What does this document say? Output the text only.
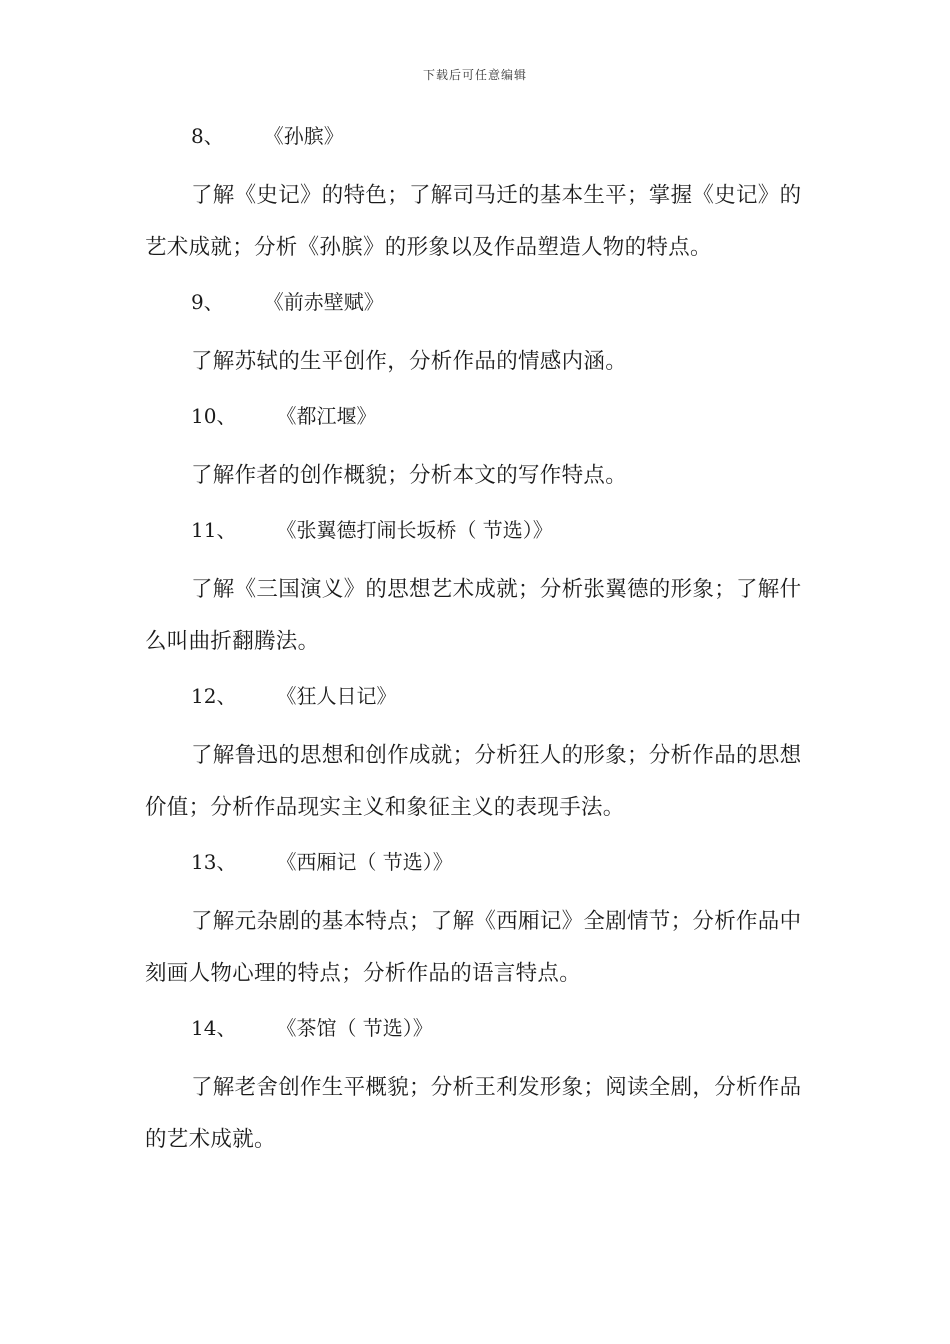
下载后可任意编辑

8、 《孙膑》

了解《史记》的特色；了解司马迁的基本生平；掌握《史记》的艺术成就；分析《孙膑》的形象以及作品塑造人物的特点。

9、 《前赤壁赋》

了解苏轼的生平创作，分析作品的情感内涵。

10、 《都江堰》

了解作者的创作概貌；分析本文的写作特点。

11、 《张翼德打闹长坂桥（ 节选）》

了解《三国演义》的思想艺术成就；分析张翼德的形象；了解什么叫曲折翻腾法。

12、 《狂人日记》

了解鲁迅的思想和创作成就；分析狂人的形象；分析作品的思想价值；分析作品现实主义和象征主义的表现手法。

13、 《西厢记（ 节选）》

了解元杂剧的基本特点；了解《西厢记》全剧情节；分析作品中刻画人物心理的特点；分析作品的语言特点。

14、 《茶馆（ 节选）》

了解老舍创作生平概貌；分析王利发形象；阅读全剧，分析作品的艺术成就。
